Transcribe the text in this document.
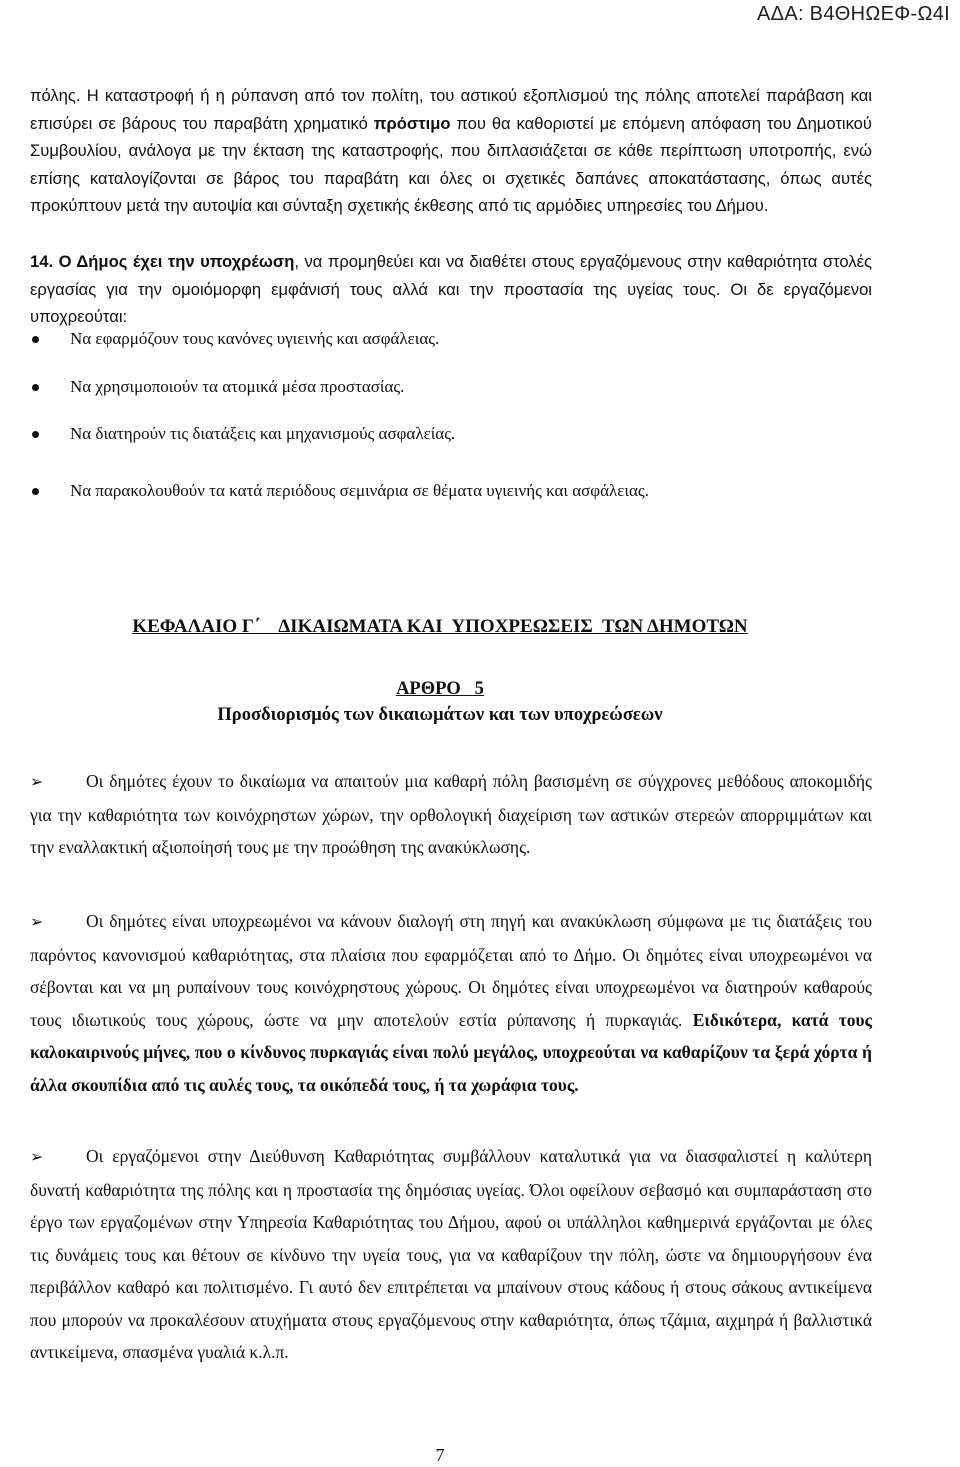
ΑΔΑ: Β4ΘΗΩΕΦ-Ω4Ι

πόλης. Η καταστροφή ή η ρύπανση από τον πολίτη, του αστικού εξοπλισμού της πόλης αποτελεί παράβαση και επισύρει σε βάρους του παραβάτη χρηματικό πρόστιμο που θα καθοριστεί με επόμενη απόφαση του Δημοτικού Συμβουλίου, ανάλογα με την έκταση της καταστροφής, που διπλασιάζεται σε κάθε περίπτωση υποτροπής, ενώ επίσης καταλογίζονται σε βάρος του παραβάτη και όλες οι σχετικές δαπάνες αποκατάστασης, όπως αυτές προκύπτουν μετά την αυτοψία και σύνταξη σχετικής έκθεσης από τις αρμόδιες υπηρεσίες του Δήμου.

14. Ο Δήμος έχει την υποχρέωση, να προμηθεύει και να διαθέτει στους εργαζόμενους στην καθαριότητα στολές εργασίας για την ομοιόμορφη εμφάνισή τους αλλά και την προστασία της υγείας τους. Οι δε εργαζόμενοι υποχρεούται:

Να εφαρμόζουν τους κανόνες υγιεινής και ασφάλειας.
Να χρησιμοποιούν τα ατομικά μέσα προστασίας.
Να διατηρούν τις διατάξεις και μηχανισμούς ασφαλείας.
Να παρακολουθούν τα κατά περιόδους σεμινάρια σε θέματα υγιεινής και ασφάλειας.
ΚΕΦΑΛΑΙΟ Γ΄    ΔΙΚΑΙΩΜΑΤΑ ΚΑΙ  ΥΠΟΧΡΕΩΣΕΙΣ  ΤΩΝ ΔΗΜΟΤΩΝ
ΑΡΘΡΟ   5
Προσδιορισμός των δικαιωμάτων και των υποχρεώσεων
➢ Οι δημότες έχουν το δικαίωμα να απαιτούν μια καθαρή πόλη βασισμένη σε σύγχρονες μεθόδους αποκομιδής για την καθαριότητα των κοινόχρηστων χώρων, την ορθολογική διαχείριση των αστικών στερεών απορριμμάτων και την εναλλακτική αξιοποίησή τους με την προώθηση της ανακύκλωσης.
➢ Οι δημότες είναι υποχρεωμένοι να κάνουν διαλογή στη πηγή και ανακύκλωση σύμφωνα με τις διατάξεις του παρόντος κανονισμού καθαριότητας, στα πλαίσια που εφαρμόζεται από το Δήμο. Οι δημότες είναι υποχρεωμένοι να σέβονται και να μη ρυπαίνουν τους κοινόχρηστους χώρους. Οι δημότες είναι υποχρεωμένοι να διατηρούν καθαρούς τους ιδιωτικούς τους χώρους, ώστε να μην αποτελούν εστία ρύπανσης ή πυρκαγιάς. Ειδικότερα, κατά τους καλοκαιρινούς μήνες, που ο κίνδυνος πυρκαγιάς είναι πολύ μεγάλος, υποχρεούται να καθαρίζουν τα ξερά χόρτα ή άλλα σκουπίδια από τις αυλές τους, τα οικόπεδά τους, ή τα χωράφια τους.
➢ Οι εργαζόμενοι στην Διεύθυνση Καθαριότητας συμβάλλουν καταλυτικά για να διασφαλιστεί η καλύτερη δυνατή καθαριότητα της πόλης και η προστασία της δημόσιας υγείας. Όλοι οφείλουν σεβασμό και συμπαράσταση στο έργο των εργαζομένων στην Υπηρεσία Καθαριότητας του Δήμου, αφού οι υπάλληλοι καθημερινά εργάζονται με όλες τις δυνάμεις τους και θέτουν σε κίνδυνο την υγεία τους, για να καθαρίζουν την πόλη, ώστε να δημιουργήσουν ένα περιβάλλον καθαρό και πολιτισμένο. Γι αυτό δεν επιτρέπεται να μπαίνουν στους κάδους ή στους σάκους αντικείμενα που μπορούν να προκαλέσουν ατυχήματα στους εργαζόμενους στην καθαριότητα, όπως τζάμια, αιχμηρά ή βαλλιστικά αντικείμενα, σπασμένα γυαλιά κ.λ.π.
7
